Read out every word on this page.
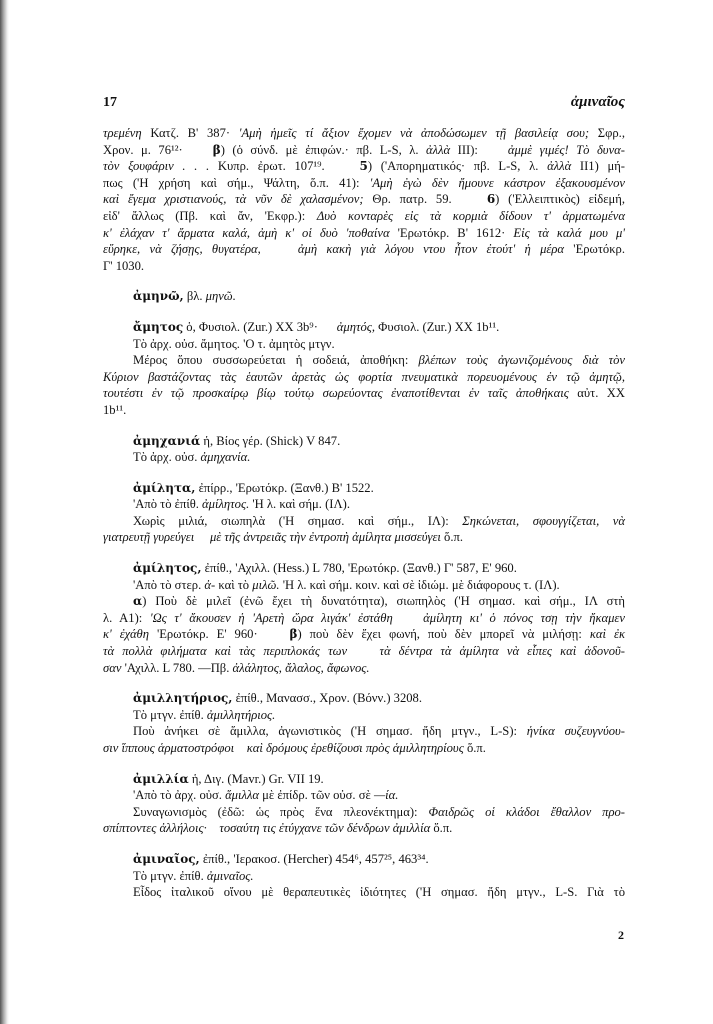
17	ἀμιναῖος
τρεμένη Κατζ. Β' 387· 'Αμὴ ἡμεῖς τί ἄξιον ἔχομεν νὰ ἀποδώσωμεν τῇ βασιλείᾳ σου; Σφρ.,
Χρον. μ. 76¹²·    β) (ὁ σύνδ. μὲ ἐπιφών.· πβ. L-S, λ. ἀλλὰ III):    ἀμμὲ γιμές! Τὸ δυνα-
τὸν ξουφάριν . . . Κυπρ. ἐρωτ. 107¹⁹.    5) ('Απορηματικός· πβ. L-S, λ. ἀλλὰ II1) μή-
πως ('Η χρήση καὶ σήμ., Ψάλτη, ὅ.π. 41): 'Αμὴ ἐγὼ δὲν ἤμουνε κάστρον ἐξακουσμένον
καὶ ἔγεμα χριστιανούς, τὰ νῦν δὲ χαλασμένον; Θρ. πατρ. 59.    6) ('Ελλειπτικὸς) εἰδεμή,
εἰδ' ἄλλως (Πβ. καὶ ἄν, 'Εκφρ.): Δυὸ κονταρὲς εἰς τὰ κορμιὰ δίδουν τ' ἀρματωμένα
κ' ἐλάχαν τ' ἄρματα καλά, ἀμὴ κ' οἱ δυὸ 'ποθαίνα 'Ερωτόκρ. Β' 1612· Εἰς τὰ καλά μου μ'
εὕρηκε, νὰ ζήσῃς, θυγατέρα,    ἀμὴ κακὴ γιὰ λόγου ντου ἦτον ἐτούτ' ἡ μέρα 'Ερωτόκρ.
Γ' 1030.
ἀμηνῶ, βλ. μηνῶ.
ἄμητος ὁ, Φυσιολ. (Zur.) XX 3b⁹·      ἀμητός, Φυσιολ. (Zur.) XX 1b¹¹.
Τὸ ἀρχ. οὐσ. ἄμητος. 'Ο τ. ἀμητὸς μτγν.
Μέρος ὅπου συσσωρεύεται ἡ σοδειά, ἀποθήκη: βλέπων τοὺς ἀγωνιζομένους διὰ τὸν
Κύριον βαστάζοντας τὰς ἑαυτῶν ἀρετὰς ὡς φορτία πνευματικὰ πορευομένους ἐν τῷ ἀμητῷ,
τουτέστι ἐν τῷ προσκαίρῳ βίῳ τούτῳ σωρεύοντας ἐναποτίθενται ἐν ταῖς ἀποθήκαις αὐτ. XX
1b¹¹.
ἀμηχανιά ἡ, Βίος γέρ. (Shick) V 847.
Τὸ ἀρχ. οὐσ. ἀμηχανία.
ἀμίλητα, ἐπίρρ., 'Ερωτόκρ. (Ξανθ.) Β' 1522.
'Απὸ τὸ ἐπίθ. ἀμίλητος. 'Η λ. καὶ σήμ. (ΙΛ).
Χωρὶς μιλιά, σιωπηλὰ ('Η σημασ. καὶ σήμ., ΙΛ): Σηκώνεται, σφουγγίζεται, νὰ
γιατρευτῇ γυρεύγει     μὲ τῆς ἀντρειᾶς τὴν ἐντροπὴ ἀμίλητα μισσεύγει ὅ.π.
ἀμίλητος, ἐπίθ., 'Αχιλλ. (Hess.) L 780, 'Ερωτόκρ. (Ξανθ.) Γ' 587, Ε' 960.
'Απὸ τὸ στερ. ἀ- καὶ τὸ μιλῶ. 'Η λ. καὶ σήμ. κοιν. καὶ σὲ ἰδιώμ. μὲ διάφορους τ. (ΙΛ).
α) Ποὺ δὲ μιλεῖ (ἐνῶ ἔχει τὴ δυνατότητα), σιωπηλὸς ('Η σημασ. καὶ σήμ., ΙΛ στὴ
λ. Α1): 'Ως τ' ἄκουσεν ἡ 'Αρετὴ ὥρα λιγάκ' ἐστάθη    ἀμίλητη κι' ὁ πόνος τσῃ τὴν ἤκαμεν
κ' ἐχάθη 'Ερωτόκρ. Ε' 960·    β) ποὺ δὲν ἔχει φωνή, ποὺ δὲν μπορεῖ νὰ μιλήσῃ: καὶ ἐκ
τὰ πολλὰ φιλήματα καὶ τὰς περιπλοκάς των    τὰ δέντρα τὰ ἀμίλητα νὰ εἶπες καὶ ἀδονοῦ-
σαν 'Αχιλλ. L 780. —Πβ. ἀλάλητος, ἄλαλος, ἄφωνος.
ἀμιλλητήριος, ἐπίθ., Μανασσ., Χρον. (Βόνν.) 3208.
Τὸ μτγν. ἐπίθ. ἀμιλλητήριος.
Ποὺ ἀνήκει σὲ ἅμιλλα, ἀγωνιστικὸς ('Η σημασ. ἤδη μτγν., L-S): ἡνίκα συζευγνύου-
σιν ἵππους ἁρματοστρόφοι    καὶ δρόμους ἐρεθίζουσι πρὸς ἁμιλλητηρίους ὅ.π.
ἀμιλλία ἡ, Διγ. (Mavr.) Gr. VII 19.
'Απὸ τὸ ἀρχ. οὐσ. ἅμιλλα μὲ ἐπίδρ. τῶν οὐσ. σὲ —ία.
Συναγωνισμὸς (ἐδῶ: ὡς πρὸς ἕνα πλεονέκτημα): Φαιδρῶς οἱ κλάδοι ἔθαλλον προ-
σπίπτοντες ἀλλήλοις·    τοσαύτη τις ἐτύγχανε τῶν δένδρων ἀμιλλία ὅ.π.
ἀμιναῖος, ἐπίθ., 'Ιερακοσ. (Hercher) 454⁶, 457²⁵, 463³⁴.
Τὸ μτγν. ἐπίθ. ἀμιναῖος.
Εἶδος ἰταλικοῦ οἴνου μὲ θεραπευτικὲς ἰδιότητες ('Η σημασ. ἤδη μτγν., L-S. Γιὰ τὸ
2
